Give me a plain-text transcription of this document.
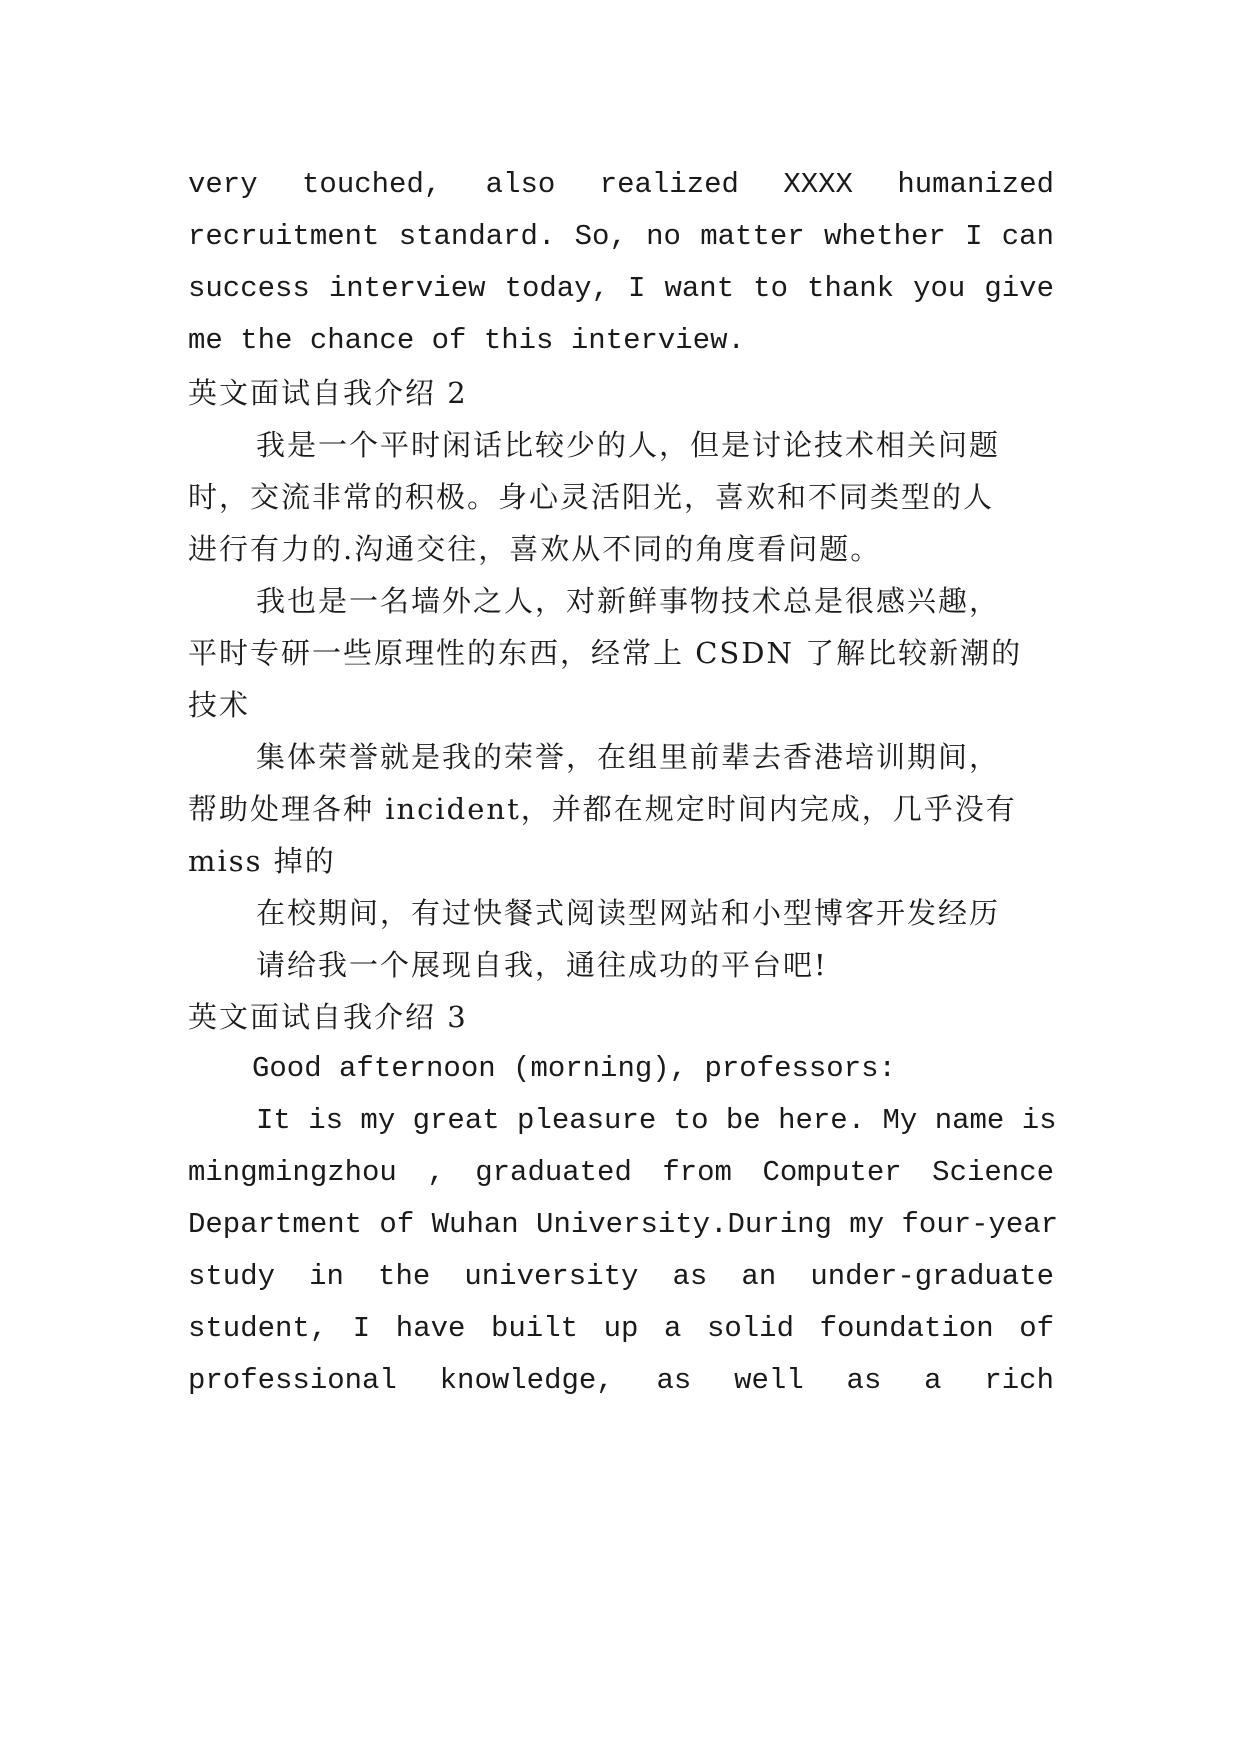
very touched, also realized XXXX humanized
recruitment standard. So, no matter whether I can
success interview today, I want to thank you give
me the chance of this interview.
英文面试自我介绍 2
我是一个平时闲话比较少的人，但是讨论技术相关问题
时，交流非常的积极。身心灵活阳光，喜欢和不同类型的人
进行有力的.沟通交往，喜欢从不同的角度看问题。
我也是一名墙外之人，对新鲜事物技术总是很感兴趣，
平时专研一些原理性的东西，经常上 CSDN 了解比较新潮的
技术
集体荣誉就是我的荣誉，在组里前辈去香港培训期间，
帮助处理各种 incident，并都在规定时间内完成，几乎没有
miss 掉的
在校期间，有过快餐式阅读型网站和小型博客开发经历
请给我一个展现自我，通往成功的平台吧!
英文面试自我介绍 3
Good afternoon (morning), professors:
It is my great pleasure to be here. My name is
mingmingzhou , graduated from Computer Science
Department of Wuhan University.During my four-year
study in the university as an under-graduate
student, I have built up a solid foundation of
professional knowledge, as well as a rich
